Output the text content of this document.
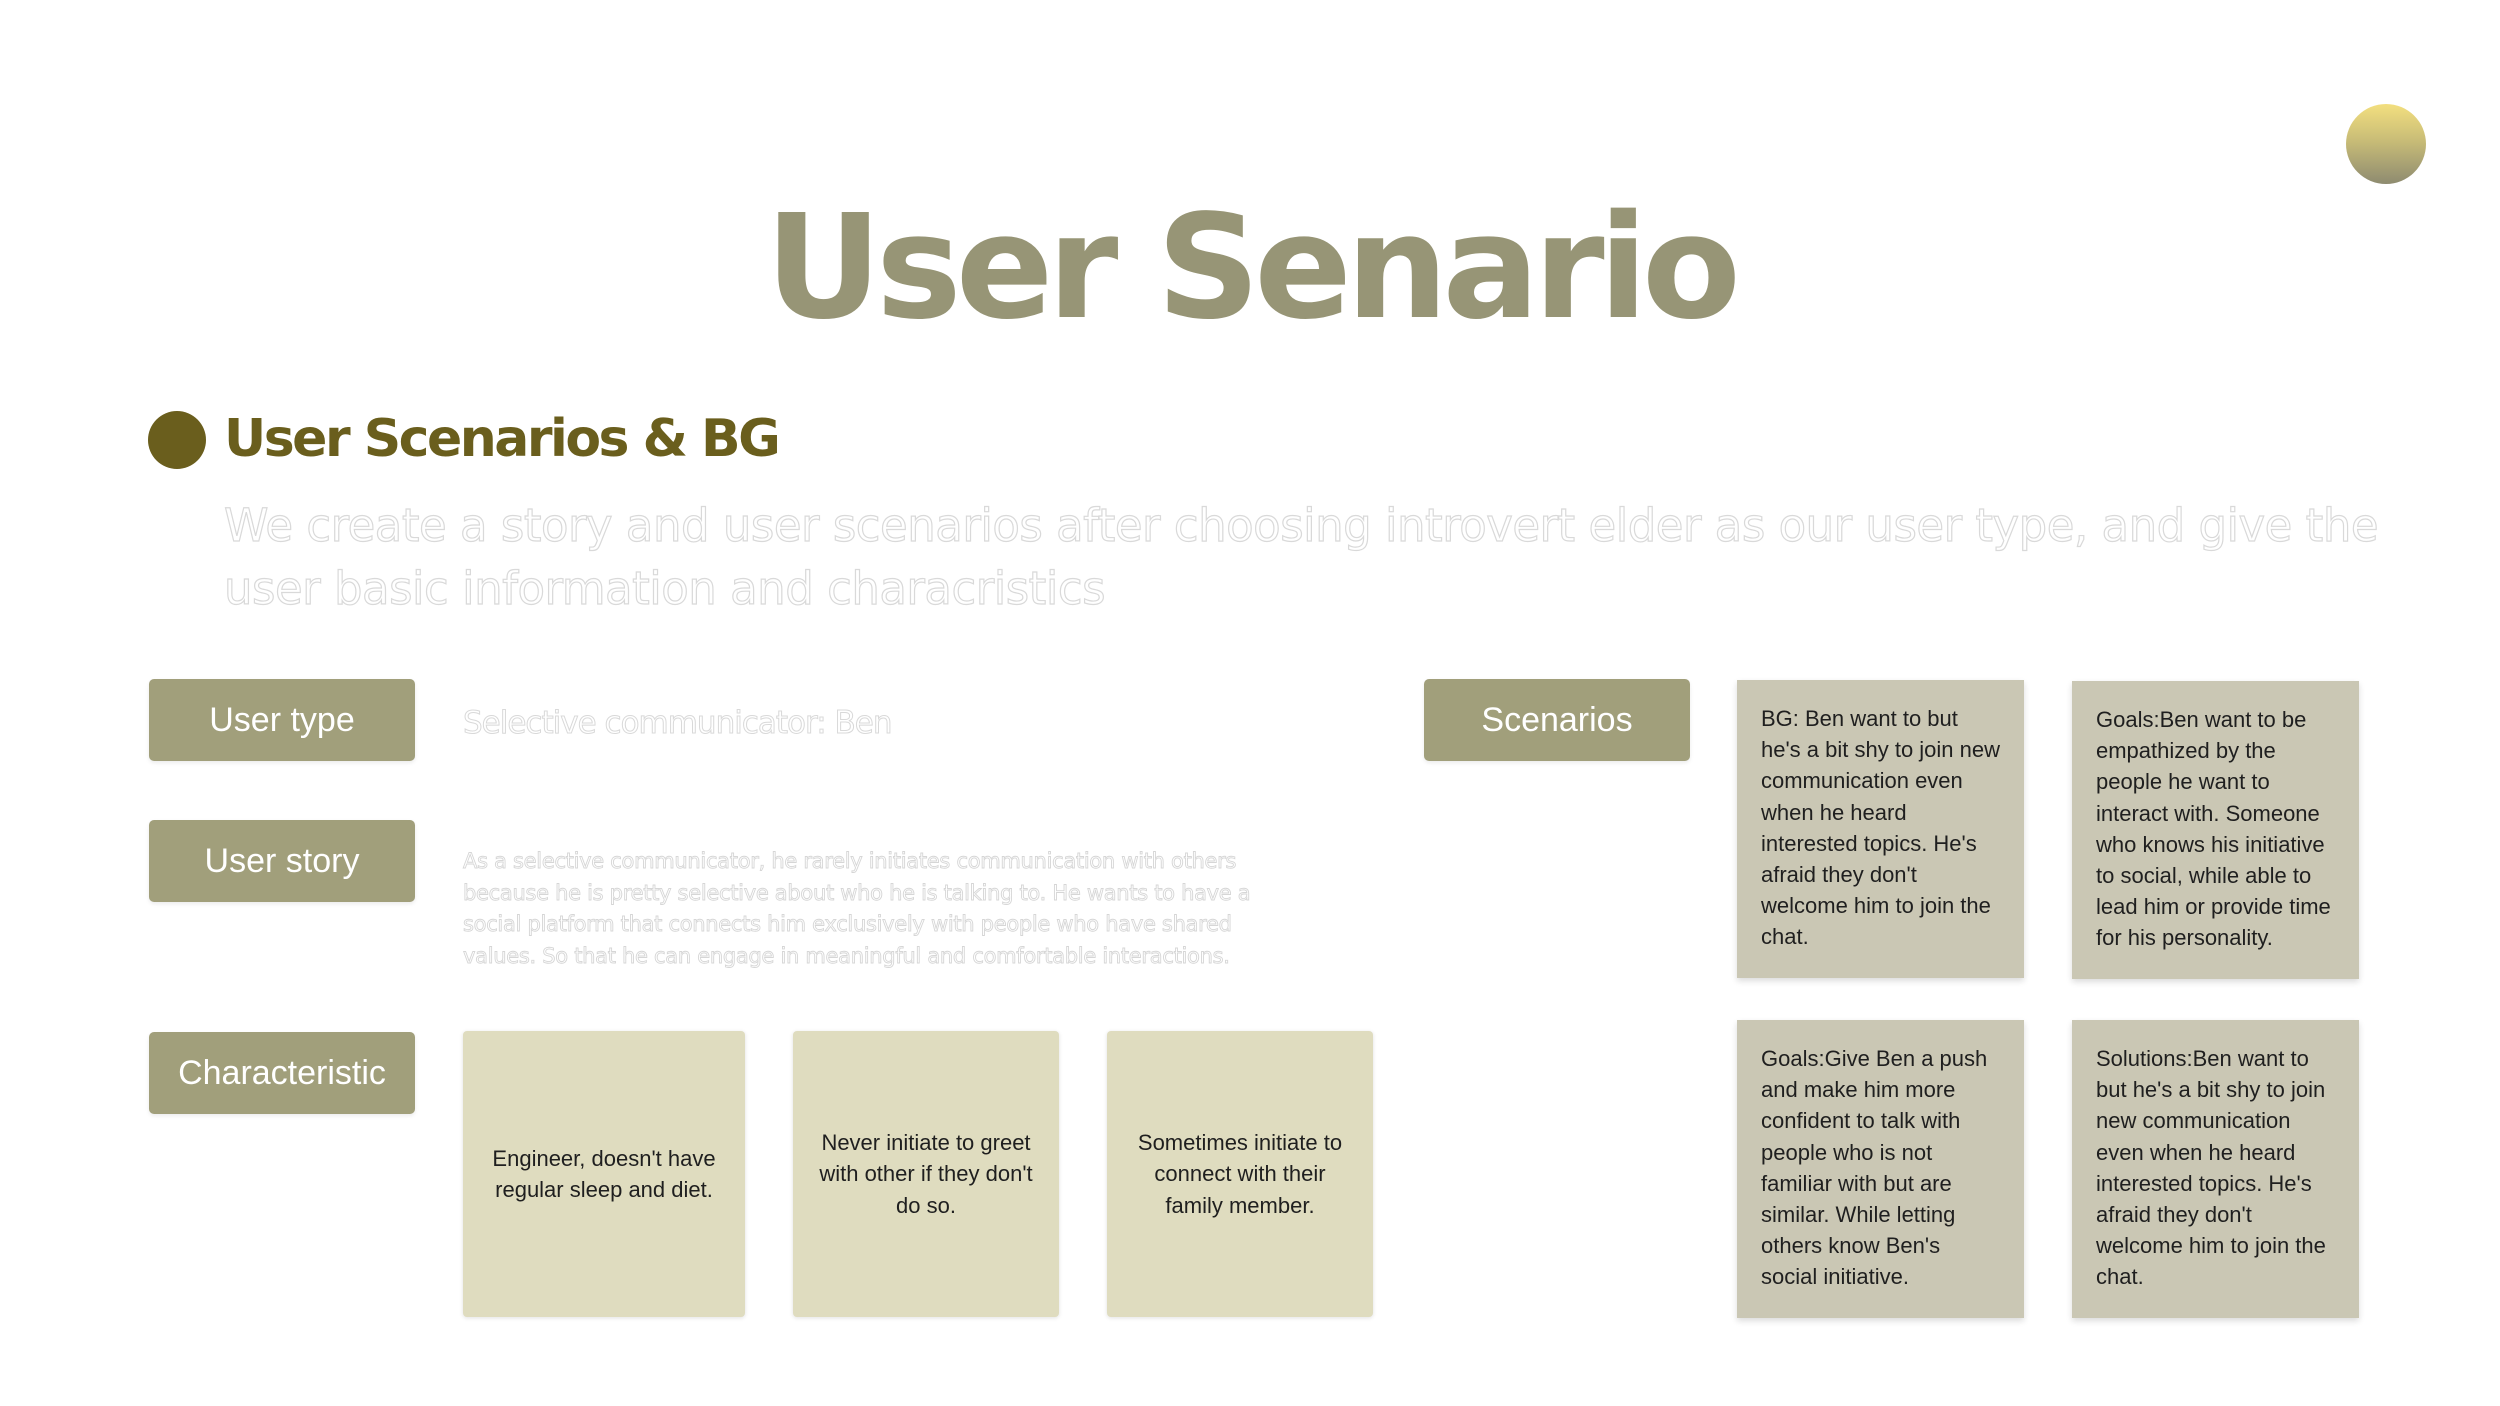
User Senario
User Scenarios & BG

We create a story and user scenarios after choosing introvert elder as our user type, and give the user basic information and characristics

User type	Selective communicator: Ben
User story	As a selective communicator, he rarely initiates communication with others because he is pretty selective about who he is talking to. He wants to have a social platform that connects him exclusively with people who have shared values. So that he can engage in meaningful and comfortable interactions.

Characteristic
Engineer, doesn't have regular sleep and diet.
Never initiate to greet with other if they don't do so.
Sometimes initiate to connect with their family member.
Scenarios	BG: Ben want to but he's a bit shy to join new communication even when he heard interested topics. He's afraid they don't welcome him to join the chat.
Goals:Ben want to be empathized by the people he want to interact with. Someone who knows his initiative to social, while able to lead him or provide time for his personality.
Goals:Give Ben a push and make him more confident to talk with people who is not familiar with but are similar. While letting others know Ben's social initiative.
Solutions:Ben want to but he's a bit shy to join new communication even when he heard interested topics. He's afraid they don't welcome him to join the chat.
